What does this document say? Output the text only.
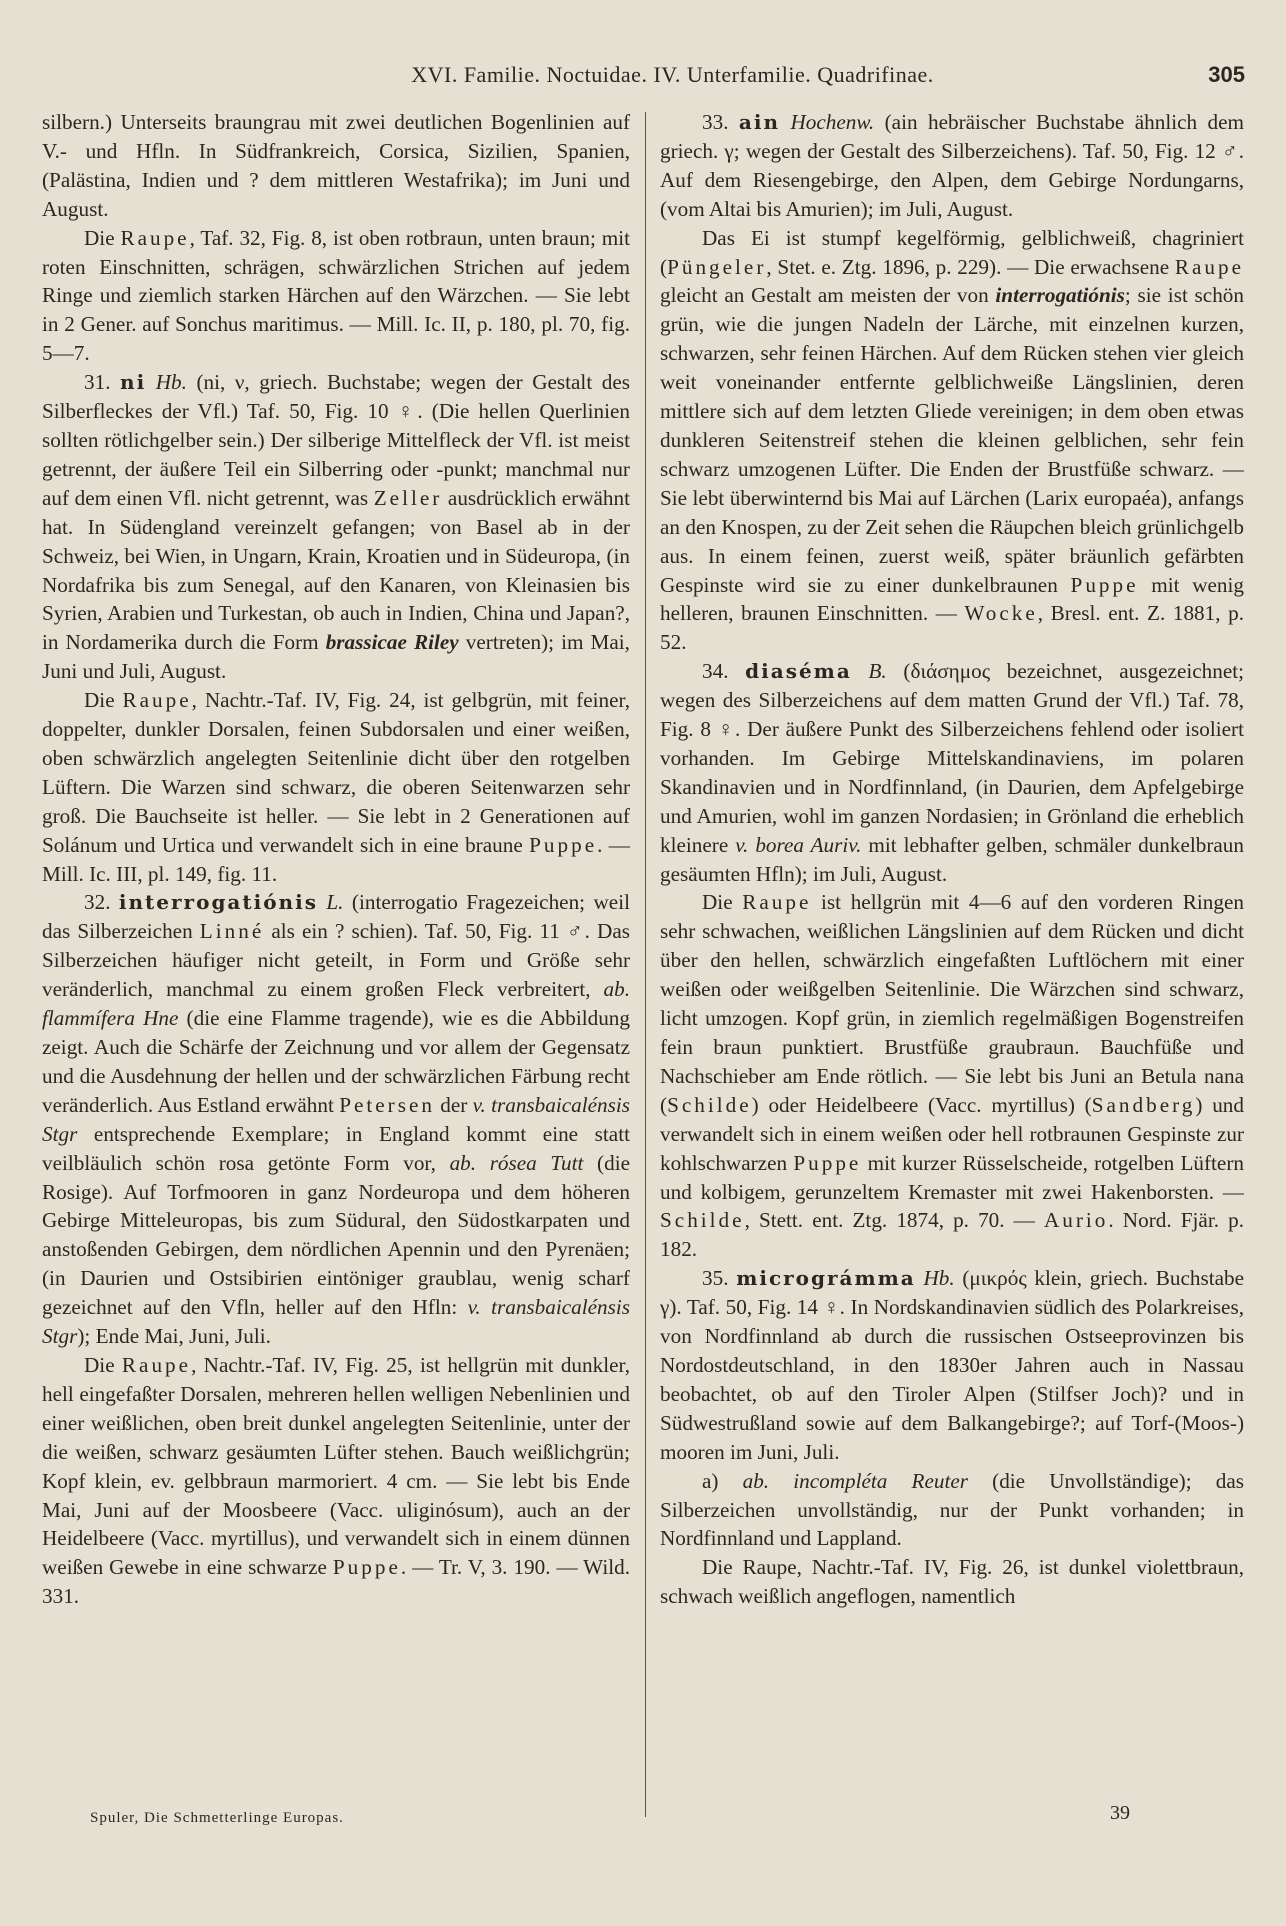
XVI. Familie. Noctuidae. IV. Unterfamilie. Quadrifinae.	305

silbern.) Unterseits braungrau mit zwei deutlichen Bogenlinien auf V.- und Hfln. In Südfrankreich, Corsica, Sizilien, Spanien, (Palästina, Indien und ? dem mittleren Westafrika); im Juni und August.

Die Raupe, Taf. 32, Fig. 8, ist oben rotbraun, unten braun; mit roten Einschnitten, schrägen, schwärzlichen Strichen auf jedem Ringe und ziemlich starken Härchen auf den Wärzchen. — Sie lebt in 2 Gener. auf Sonchus maritimus. — Mill. Ic. II, p. 180, pl. 70, fig. 5—7.

31. ni Hb. (ni, ν, griech. Buchstabe; wegen der Gestalt des Silberfleckes der Vfl.) Taf. 50, Fig. 10 ♀. (Die hellen Querlinien sollten rötlichgelber sein.) Der silberige Mittelfleck der Vfl. ist meist getrennt, der äußere Teil ein Silberring oder -punkt; manchmal nur auf dem einen Vfl. nicht getrennt, was Zeller ausdrücklich erwähnt hat. In Südengland vereinzelt gefangen; von Basel ab in der Schweiz, bei Wien, in Ungarn, Krain, Kroatien und in Südeuropa, (in Nordafrika bis zum Senegal, auf den Kanaren, von Kleinasien bis Syrien, Arabien und Turkestan, ob auch in Indien, China und Japan?, in Nordamerika durch die Form brassicae Riley vertreten); im Mai, Juni und Juli, August.

Die Raupe, Nachtr.-Taf. IV, Fig. 24, ist gelbgrün, mit feiner, doppelter, dunkler Dorsalen, feinen Subdorsalen und einer weißen, oben schwärzlich angelegten Seitenlinie dicht über den rotgelben Lüftern. Die Warzen sind schwarz, die oberen Seitenwarzen sehr groß. Die Bauchseite ist heller. — Sie lebt in 2 Generationen auf Solánum und Urtica und verwandelt sich in eine braune Puppe. — Mill. Ic. III, pl. 149, fig. 11.

32. interrogatiónis L. (interrogatio Fragezeichen; weil das Silberzeichen Linné als ein ? schien). Taf. 50, Fig. 11 ♂. Das Silberzeichen häufiger nicht geteilt, in Form und Größe sehr veränderlich, manchmal zu einem großen Fleck verbreitert, ab. flammífera Hne (die eine Flamme tragende), wie es die Abbildung zeigt. Auch die Schärfe der Zeichnung und vor allem der Gegensatz und die Ausdehnung der hellen und der schwärzlichen Färbung recht veränderlich. Aus Estland erwähnt Petersen der v. transbaicalénsis Stgr entsprechende Exemplare; in England kommt eine statt veilbläulich schön rosa getönte Form vor, ab. rósea Tutt (die Rosige). Auf Torfmooren in ganz Nordeuropa und dem höheren Gebirge Mitteleuropas, bis zum Südural, den Südostkarpaten und anstoßenden Gebirgen, dem nördlichen Apennin und den Pyrenäen; (in Daurien und Ostsibirien eintöniger graublau, wenig scharf gezeichnet auf den Vfln, heller auf den Hfln: v. transbaicalénsis Stgr); Ende Mai, Juni, Juli.

Die Raupe, Nachtr.-Taf. IV, Fig. 25, ist hellgrün mit dunkler, hell eingefaßter Dorsalen, mehreren hellen welligen Nebenlinien und einer weißlichen, oben breit dunkel angelegten Seitenlinie, unter der die weißen, schwarz gesäumten Lüfter stehen. Bauch weißlichgrün; Kopf klein, ev. gelbbraun marmoriert. 4 cm. — Sie lebt bis Ende Mai, Juni auf der Moosbeere (Vacc. uliginósum), auch an der Heidelbeere (Vacc. myrtillus), und verwandelt sich in einem dünnen weißen Gewebe in eine schwarze Puppe. — Tr. V, 3. 190. — Wild. 331.

33. ain Hochenw. (ain hebräischer Buchstabe ähnlich dem griech. γ; wegen der Gestalt des Silberzeichens). Taf. 50, Fig. 12 ♂. Auf dem Riesengebirge, den Alpen, dem Gebirge Nordungarns, (vom Altai bis Amurien); im Juli, August.

Das Ei ist stumpf kegelförmig, gelblichweiß, chagriniert (Püngeler, Stet. e. Ztg. 1896, p. 229). — Die erwachsene Raupe gleicht an Gestalt am meisten der von interrogatiónis; sie ist schön grün, wie die jungen Nadeln der Lärche, mit einzelnen kurzen, schwarzen, sehr feinen Härchen. Auf dem Rücken stehen vier gleich weit voneinander entfernte gelblichweiße Längslinien, deren mittlere sich auf dem letzten Gliede vereinigen; in dem oben etwas dunkleren Seitenstreif stehen die kleinen gelblichen, sehr fein schwarz umzogenen Lüfter. Die Enden der Brustfüße schwarz. — Sie lebt überwinternd bis Mai auf Lärchen (Larix europaéa), anfangs an den Knospen, zu der Zeit sehen die Räupchen bleich grünlichgelb aus. In einem feinen, zuerst weiß, später bräunlich gefärbten Gespinste wird sie zu einer dunkelbraunen Puppe mit wenig helleren, braunen Einschnitten. — Wocke, Bresl. ent. Z. 1881, p. 52.

34. diaséma B. (διάσημος bezeichnet, ausgezeichnet; wegen des Silberzeichens auf dem matten Grund der Vfl.) Taf. 78, Fig. 8 ♀. Der äußere Punkt des Silberzeichens fehlend oder isoliert vorhanden. Im Gebirge Mittelskandinaviens, im polaren Skandinavien und in Nordfinnland, (in Daurien, dem Apfelgebirge und Amurien, wohl im ganzen Nordasien; in Grönland die erheblich kleinere v. borea Auriv. mit lebhafter gelben, schmäler dunkelbraun gesäumten Hfln); im Juli, August.

Die Raupe ist hellgrün mit 4—6 auf den vorderen Ringen sehr schwachen, weißlichen Längslinien auf dem Rücken und dicht über den hellen, schwärzlich eingefaßten Luftlöchern mit einer weißen oder weißgelben Seitenlinie. Die Wärzchen sind schwarz, licht umzogen. Kopf grün, in ziemlich regelmäßigen Bogenstreifen fein braun punktiert. Brustfüße graubraun. Bauchfüße und Nachschieber am Ende rötlich. — Sie lebt bis Juni an Betula nana (Schilde) oder Heidelbeere (Vacc. myrtillus) (Sandberg) und verwandelt sich in einem weißen oder hell rotbraunen Gespinste zur kohlschwarzen Puppe mit kurzer Rüsselscheide, rotgelben Lüftern und kolbigem, gerunzeltem Kremaster mit zwei Hakenborsten. — Schilde, Stett. ent. Ztg. 1874, p. 70. — Aurio. Nord. Fjär. p. 182.

35. micrográmma Hb. (μικρός klein, griech. Buchstabe γ). Taf. 50, Fig. 14 ♀. In Nordskandinavien südlich des Polarkreises, von Nordfinnland ab durch die russischen Ostseeprovinzen bis Nordostdeutschland, in den 1830er Jahren auch in Nassau beobachtet, ob auf den Tiroler Alpen (Stilfser Joch)? und in Südwestrußland sowie auf dem Balkangebirge?; auf Torf-(Moos-) mooren im Juni, Juli.

a) ab. incompléta Reuter (die Unvollständige); das Silberzeichen unvollständig, nur der Punkt vorhanden; in Nordfinnland und Lappland.

Die Raupe, Nachtr.-Taf. IV, Fig. 26, ist dunkel violettbraun, schwach weißlich angeflogen, namentlich

Spuler, Die Schmetterlinge Europas.	39
